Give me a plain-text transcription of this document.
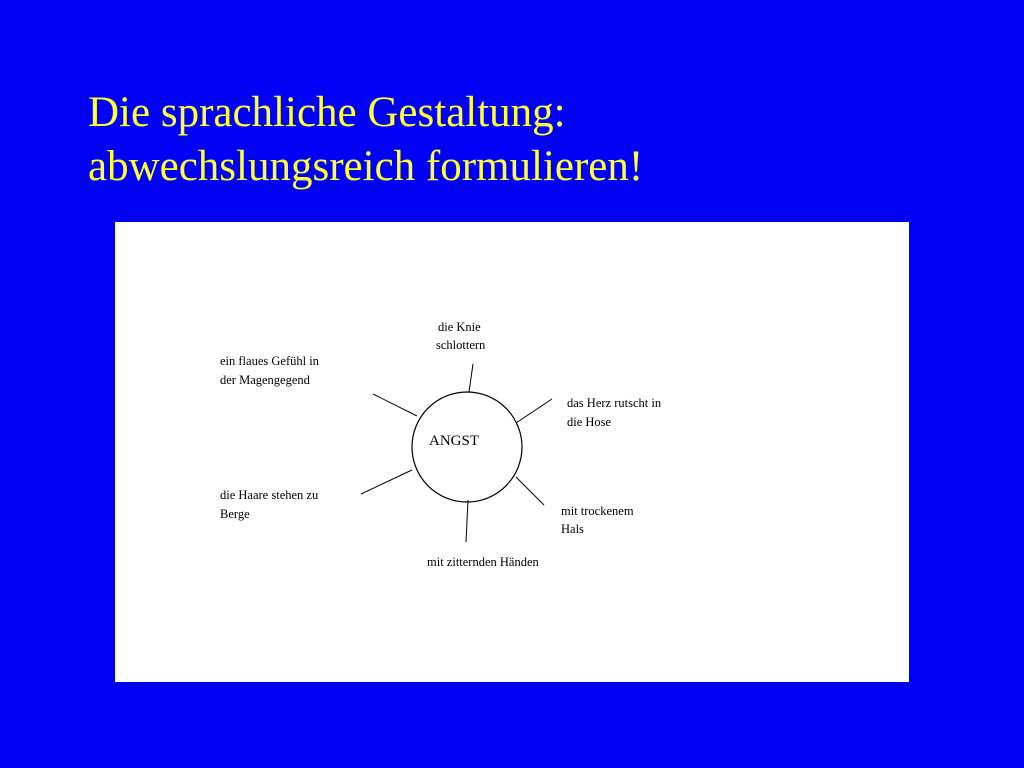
Die sprachliche Gestaltung:
abwechslungsreich formulieren!
ANGST
die Knie schlottern
ein flaues Gefühl in der Magengegend
das Herz rutscht in die Hose
die Haare stehen zu Berge	mit trockenem Hals
mit zitternden Händen
